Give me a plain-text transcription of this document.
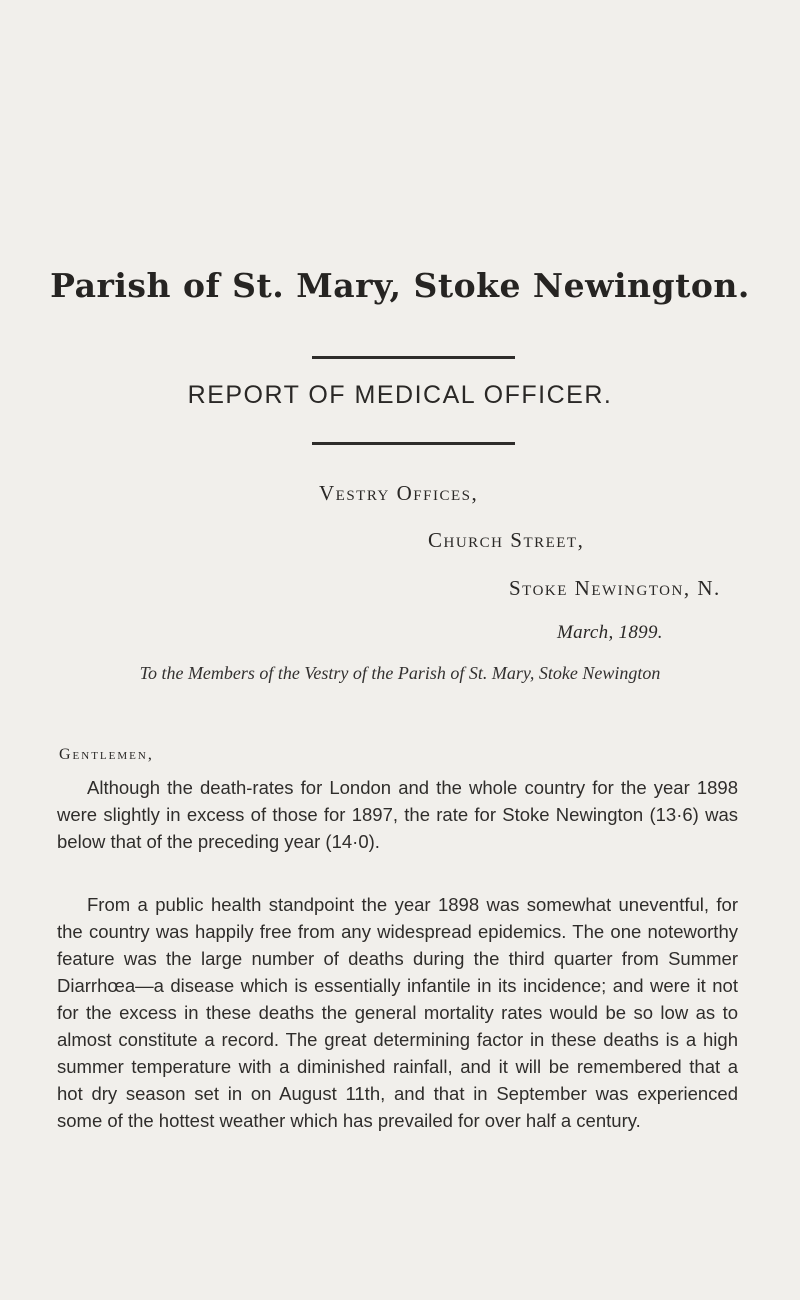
Parish of St. Mary, Stoke Newington.
REPORT OF MEDICAL OFFICER.
Vestry Offices,
Church Street,
Stoke Newington, N.
March, 1899.
To the Members of the Vestry of the Parish of St. Mary, Stoke Newington
Gentlemen,

Although the death-rates for London and the whole country for the year 1898 were slightly in excess of those for 1897, the rate for Stoke Newington (13·6) was below that of the preceding year (14·0).

From a public health standpoint the year 1898 was somewhat uneventful, for the country was happily free from any widespread epidemics. The one noteworthy feature was the large number of deaths during the third quarter from Summer Diarrhœa—a disease which is essentially infantile in its incidence; and were it not for the excess in these deaths the general mortality rates would be so low as to almost constitute a record. The great determining factor in these deaths is a high summer temperature with a diminished rainfall, and it will be remembered that a hot dry season set in on August 11th, and that in September was experienced some of the hottest weather which has prevailed for over half a century.
